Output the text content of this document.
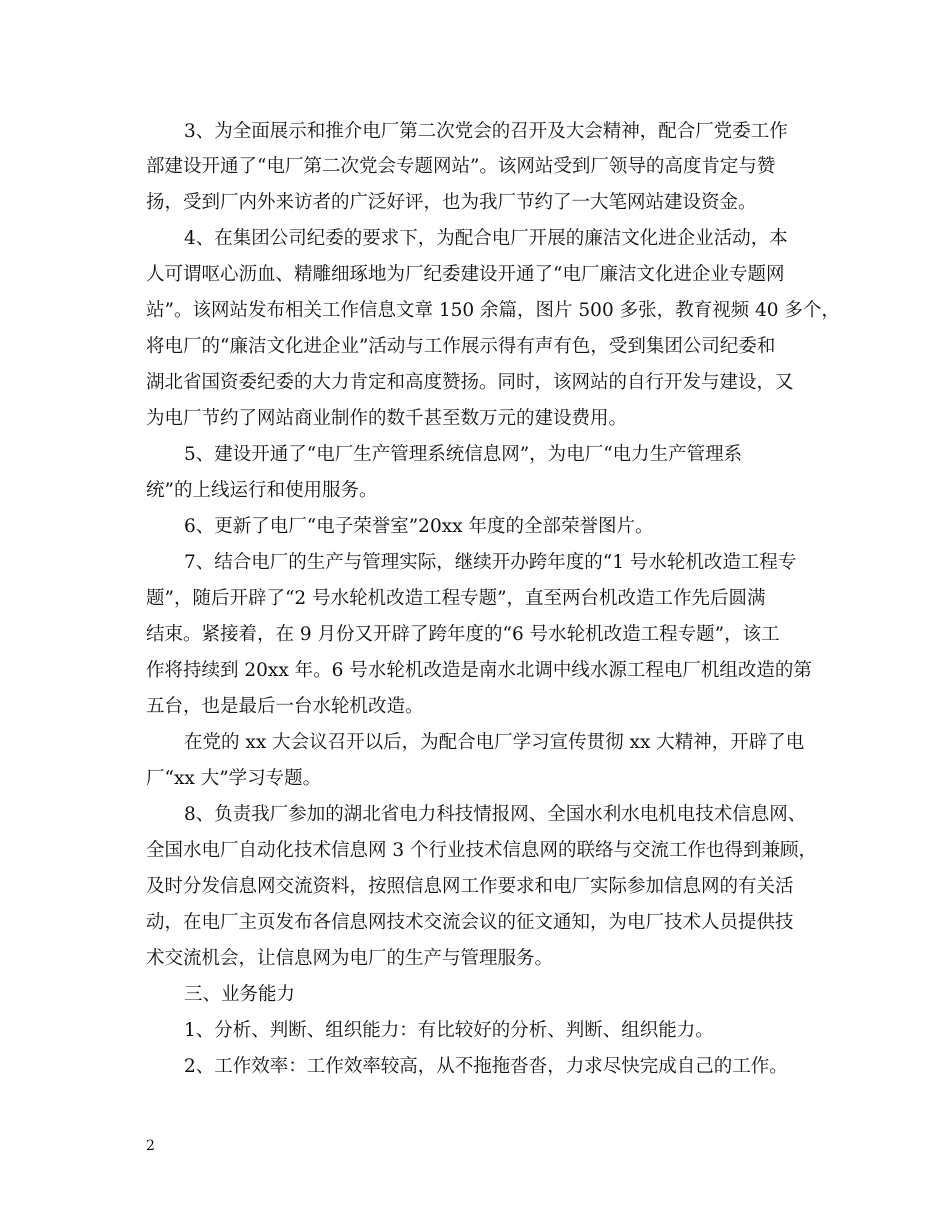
3、为全面展示和推介电厂第二次党会的召开及大会精神，配合厂党委工作

部建设开通了“电厂第二次党会专题网站”。该网站受到厂领导的高度肯定与赞

扬，受到厂内外来访者的广泛好评，也为我厂节约了一大笔网站建设资金。

4、在集团公司纪委的要求下，为配合电厂开展的廉洁文化进企业活动，本

人可谓呕心沥血、精雕细琢地为厂纪委建设开通了“电厂廉洁文化进企业专题网

站”。该网站发布相关工作信息文章 150 余篇，图片 500 多张，教育视频 40 多个，

将电厂的“廉洁文化进企业”活动与工作展示得有声有色，受到集团公司纪委和

湖北省国资委纪委的大力肯定和高度赞扬。同时，该网站的自行开发与建设，又

为电厂节约了网站商业制作的数千甚至数万元的建设费用。

5、建设开通了“电厂生产管理系统信息网”，为电厂“电力生产管理系

统”的上线运行和使用服务。

6、更新了电厂“电子荣誉室”20xx 年度的全部荣誉图片。

7、结合电厂的生产与管理实际，继续开办跨年度的“1 号水轮机改造工程专

题”，随后开辟了“2 号水轮机改造工程专题”，直至两台机改造工作先后圆满

结束。紧接着，在 9 月份又开辟了跨年度的“6 号水轮机改造工程专题”，该工

作将持续到 20xx 年。6 号水轮机改造是南水北调中线水源工程电厂机组改造的第

五台，也是最后一台水轮机改造。

在党的 xx 大会议召开以后，为配合电厂学习宣传贯彻 xx 大精神，开辟了电

厂“xx 大”学习专题。

8、负责我厂参加的湖北省电力科技情报网、全国水利水电机电技术信息网、

全国水电厂自动化技术信息网 3 个行业技术信息网的联络与交流工作也得到兼顾，

及时分发信息网交流资料，按照信息网工作要求和电厂实际参加信息网的有关活

动，在电厂主页发布各信息网技术交流会议的征文通知，为电厂技术人员提供技

术交流机会，让信息网为电厂的生产与管理服务。

三、业务能力

1、分析、判断、组织能力：有比较好的分析、判断、组织能力。

2、工作效率：工作效率较高，从不拖拖沓沓，力求尽快完成自己的工作。

2
